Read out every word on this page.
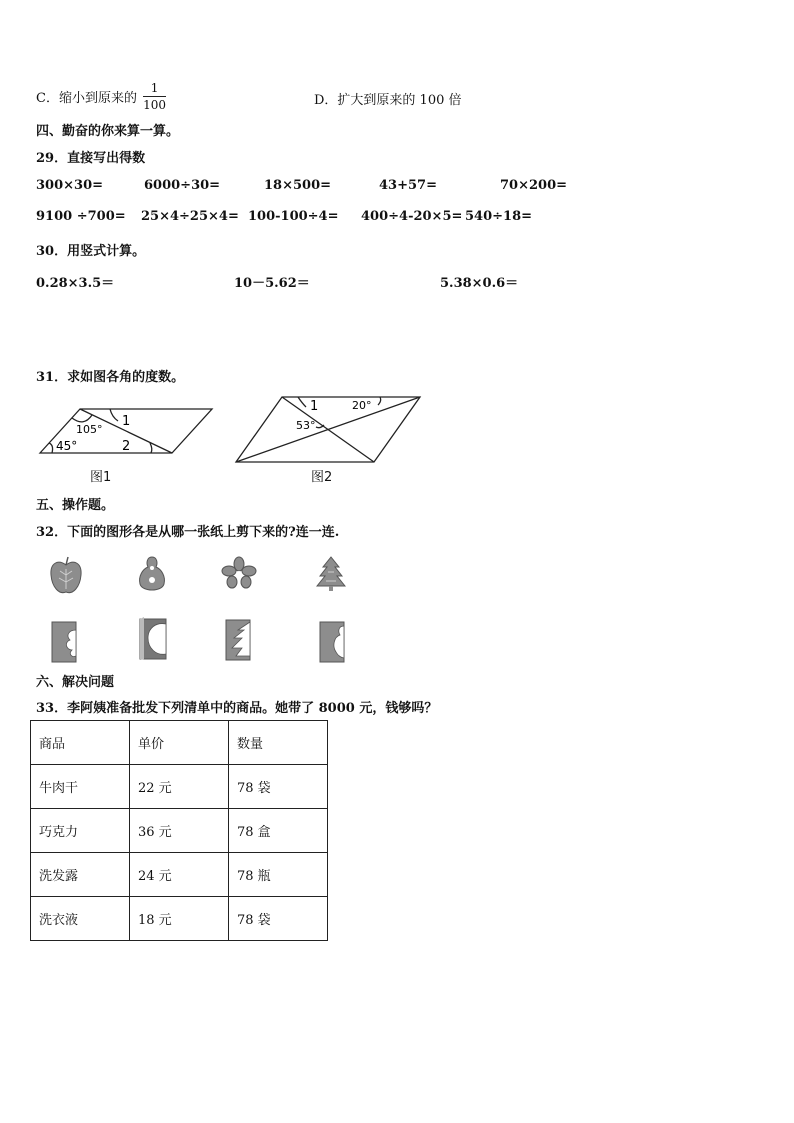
C．缩小到原来的 $\frac{1}{100}$	D．扩大到原来的 100 倍
四、勤奋的你来算一算。
29．直接写出得数
300×30=	6000÷30=	18×500=	43+57=	70×200=
9100 ÷700= 25×4÷25×4= 100-100÷4= 400÷4-20×5= 540÷18=
30．用竖式计算。
0.28×3.5＝	10－5.62＝	5.38×0.6＝
31．求如图各角的度数。
105°
45°
1
2
图1
1	20°
53°
图2
五、操作题。
32．下面的图形各是从哪一张纸上剪下来的?连一连.
六、解决问题
33．李阿姨准备批发下列清单中的商品。她带了 8000 元，钱够吗？
商品	单价	数量
牛肉干	22 元	78 袋
巧克力	36 元	78 盒
洗发露	24 元	78 瓶
洗衣液	18 元	78 袋
